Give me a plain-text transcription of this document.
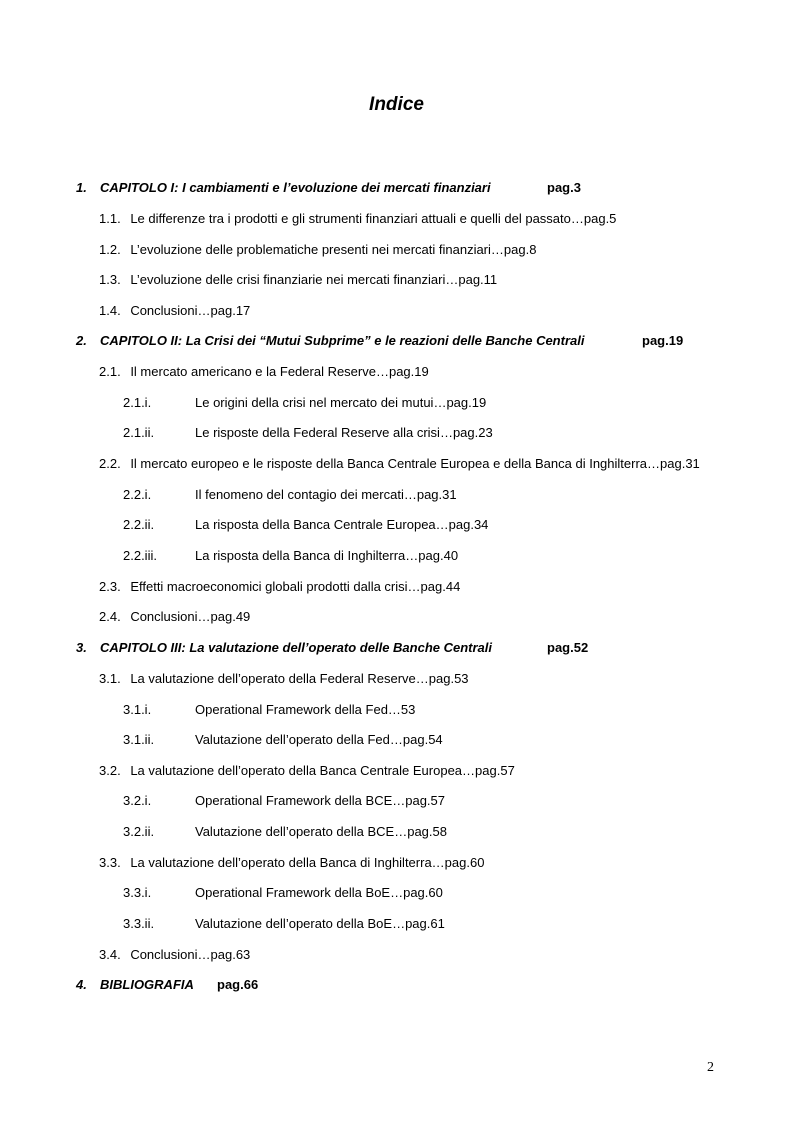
Indice
1. CAPITOLO I: I cambiamenti e l’evoluzione dei mercati finanziari	pag.3
1.1. Le differenze tra i prodotti e gli strumenti finanziari attuali e quelli del passato…pag.5
1.2. L’evoluzione delle problematiche presenti nei mercati finanziari…pag.8
1.3. L’evoluzione delle crisi finanziarie nei mercati finanziari…pag.11
1.4. Conclusioni…pag.17
2. CAPITOLO II: La Crisi dei “Mutui Subprime” e le reazioni delle Banche Centrali	pag.19
2.1. Il mercato americano e la Federal Reserve…pag.19
2.1.i.	Le origini della crisi nel mercato dei mutui…pag.19
2.1.ii.	Le risposte della Federal Reserve alla crisi…pag.23
2.2. Il mercato europeo e le risposte della Banca Centrale Europea e della Banca di Inghilterra…pag.31
2.2.i.	Il fenomeno del contagio dei mercati…pag.31
2.2.ii.	La risposta della Banca Centrale Europea…pag.34
2.2.iii.	La risposta della Banca di Inghilterra…pag.40
2.3. Effetti macroeconomici globali prodotti dalla crisi…pag.44
2.4. Conclusioni…pag.49
3. CAPITOLO III: La valutazione dell’operato delle Banche Centrali	pag.52
3.1. La valutazione dell’operato della Federal Reserve…pag.53
3.1.i.	Operational Framework della Fed…53
3.1.ii.	Valutazione dell’operato della Fed…pag.54
3.2. La valutazione dell’operato della Banca Centrale Europea…pag.57
3.2.i.	Operational Framework della BCE…pag.57
3.2.ii.	Valutazione dell’operato della BCE…pag.58
3.3. La valutazione dell’operato della Banca di Inghilterra…pag.60
3.3.i.	Operational Framework della BoE…pag.60
3.3.ii.	Valutazione dell’operato della BoE…pag.61
3.4. Conclusioni…pag.63
4. BIBLIOGRAFIA pag.66
2
